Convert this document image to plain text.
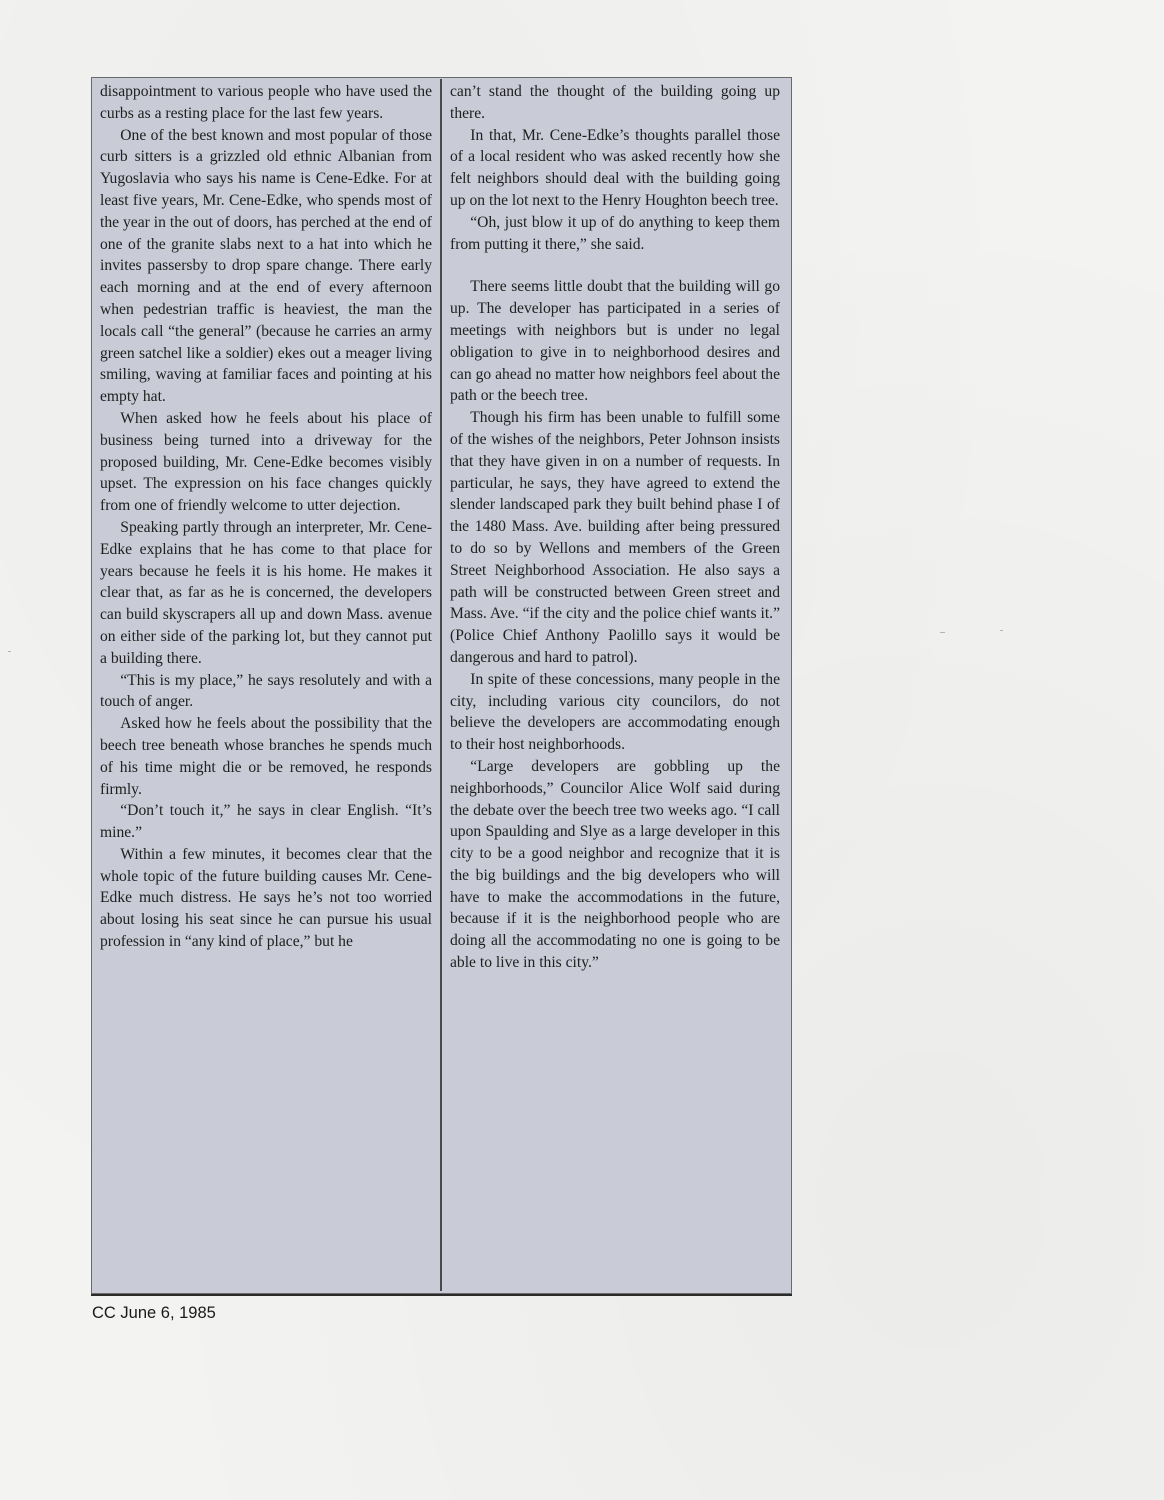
disappointment to various people who have used the curbs as a resting place for the last few years.

One of the best known and most popular of those curb sitters is a grizzled old ethnic Albanian from Yugoslavia who says his name is Cene-Edke. For at least five years, Mr. Cene-Edke, who spends most of the year in the out of doors, has perched at the end of one of the granite slabs next to a hat into which he invites passersby to drop spare change. There early each morning and at the end of every afternoon when pedestrian traffic is heaviest, the man the locals call “the general” (because he carries an army green satchel like a soldier) ekes out a meager living smiling, waving at familiar faces and pointing at his empty hat.

When asked how he feels about his place of business being turned into a driveway for the proposed building, Mr. Cene-Edke becomes visibly upset. The expression on his face changes quickly from one of friendly welcome to utter dejection.

Speaking partly through an interpreter, Mr. Cene-Edke explains that he has come to that place for years because he feels it is his home. He makes it clear that, as far as he is concerned, the developers can build skyscrapers all up and down Mass. avenue on either side of the parking lot, but they cannot put a building there.

“This is my place,” he says resolutely and with a touch of anger.

Asked how he feels about the possibility that the beech tree beneath whose branches he spends much of his time might die or be removed, he responds firmly.

“Don’t touch it,” he says in clear English. “It’s mine.”

Within a few minutes, it becomes clear that the whole topic of the future building causes Mr. Cene-Edke much distress. He says he’s not too worried about losing his seat since he can pursue his usual profession in “any kind of place,” but he

can’t stand the thought of the building going up there.

In that, Mr. Cene-Edke’s thoughts parallel those of a local resident who was asked recently how she felt neighbors should deal with the building going up on the lot next to the Henry Houghton beech tree.

“Oh, just blow it up of do anything to keep them from putting it there,” she said.

There seems little doubt that the building will go up. The developer has participated in a series of meetings with neighbors but is under no legal obligation to give in to neighborhood desires and can go ahead no matter how neighbors feel about the path or the beech tree.

Though his firm has been unable to fulfill some of the wishes of the neighbors, Peter Johnson insists that they have given in on a number of requests. In particular, he says, they have agreed to extend the slender landscaped park they built behind phase I of the 1480 Mass. Ave. building after being pressured to do so by Wellons and members of the Green Street Neighborhood Association. He also says a path will be constructed between Green street and Mass. Ave. “if the city and the police chief wants it.” (Police Chief Anthony Paolillo says it would be dangerous and hard to patrol).

In spite of these concessions, many people in the city, including various city councilors, do not believe the developers are accommodating enough to their host neighborhoods.

“Large developers are gobbling up the neighborhoods,” Councilor Alice Wolf said during the debate over the beech tree two weeks ago. “I call upon Spaulding and Slye as a large developer in this city to be a good neighbor and recognize that it is the big buildings and the big developers who will have to make the accommodations in the future, because if it is the neighborhood people who are doing all the accommodating no one is going to be able to live in this city.”

CC June 6, 1985
